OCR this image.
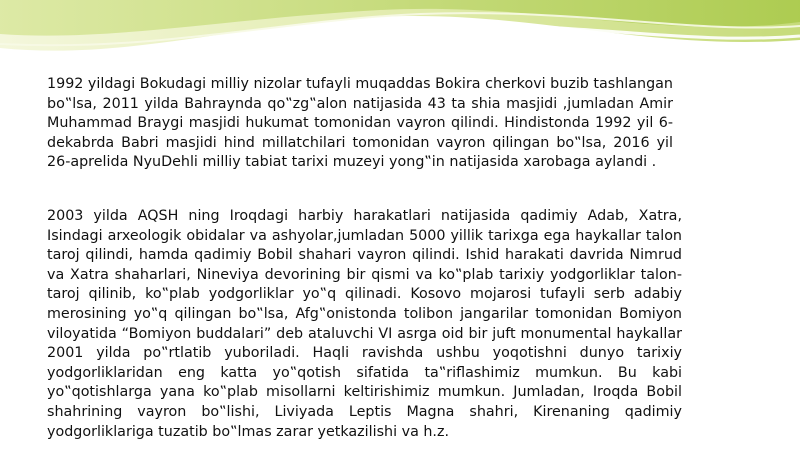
1992 yildagi Bokudagi milliy nizolar tufayli muqaddas Bokira cherkovi buzib tashlangan bo‟lsa, 2011 yilda Bahraynda qo‟zg‟alon natijasida 43 ta shia masjidi ,jumladan Amir Muhammad Braygi masjidi hukumat tomonidan vayron qilindi. Hindistonda 1992 yil 6-dekabrda Babri masjidi hind millatchilari tomonidan vayron qilingan bo‟lsa, 2016 yil 26-aprelida NyuDehli milliy tabiat tarixi muzeyi yong‟in natijasida xarobaga aylandi .

2003 yilda AQSH ning Iroqdagi harbiy harakatlari natijasida qadimiy Adab, Xatra, Isindagi arxeologik obidalar va ashyolar,jumladan 5000 yillik tarixga ega haykallar talon taroj qilindi, hamda qadimiy Bobil shahari vayron qilindi. Ishid harakati davrida Nimrud va Xatra shaharlari, Nineviya devorining bir qismi va ko‟plab tarixiy yodgorliklar talon- taroj qilinib, ko‟plab yodgorliklar yo‟q qilinadi. Kosovo mojarosi tufayli serb adabiy merosining yo‟q qilingan bo‟lsa, Afg‟onistonda tolibon jangarilar tomonidan Bomiyon viloyatida “Bomiyon buddalari” deb ataluvchi VI asrga oid bir juft monumental haykallar 2001 yilda po‟rtlatib yuboriladi. Haqli ravishda ushbu yoqotishni dunyo tarixiy yodgorliklaridan eng katta yo‟qotish sifatida ta‟riflashimiz mumkun. Bu kabi yo‟qotishlarga yana ko‟plab misollarni keltirishimiz mumkun. Jumladan, Iroqda Bobil shahrining vayron bo‟lishi, Liviyada Leptis Magna shahri, Kirenaning qadimiy yodgorliklariga tuzatib bo‟lmas zarar yetkazilishi va h.z.
